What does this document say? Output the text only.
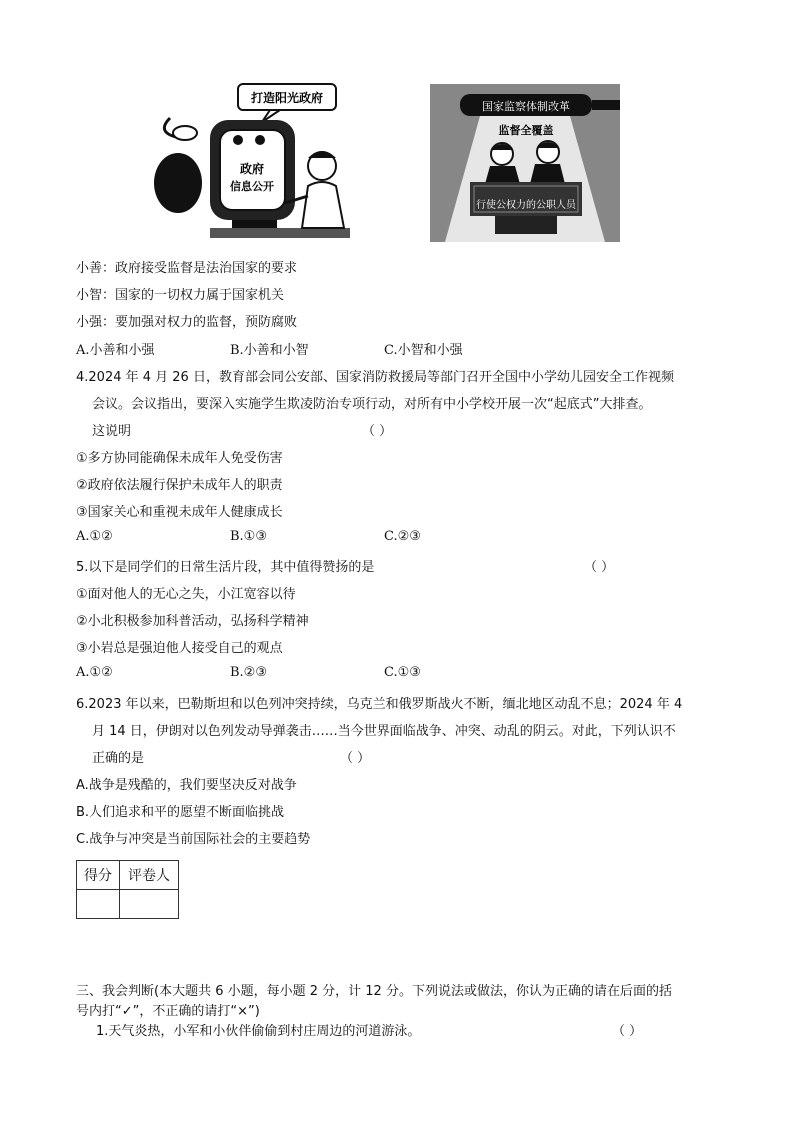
打造阳光政府
政府
信息公开
国家监察体制改革
监督全覆盖
行使公权力的公职人员
小善：政府接受监督是法治国家的要求
小智：国家的一切权力属于国家机关
小强：要加强对权力的监督，预防腐败
A.小善和小强	B.小善和小智	C.小智和小强
4.2024 年 4 月 26 日，教育部会同公安部、国家消防救援局等部门召开全国中小学幼儿园安全工作视频
会议。会议指出，要深入实施学生欺凌防治专项行动，对所有中小学校开展一次“起底式”大排查。
这说明	（ ）
①多方协同能确保未成年人免受伤害
②政府依法履行保护未成年人的职责
③国家关心和重视未成年人健康成长
A.①②	B.①③	C.②③
5.以下是同学们的日常生活片段，其中值得赞扬的是	（ ）
①面对他人的无心之失，小江宽容以待
②小北积极参加科普活动，弘扬科学精神
③小岩总是强迫他人接受自己的观点
A.①②	B.②③	C.①③
6.2023 年以来，巴勒斯坦和以色列冲突持续，乌克兰和俄罗斯战火不断，缅北地区动乱不息；2024 年 4
月 14 日，伊朗对以色列发动导弹袭击……当今世界面临战争、冲突、动乱的阴云。对此，下列认识不
正确的是	（ ）
A.战争是残酷的，我们要坚决反对战争
B.人们追求和平的愿望不断面临挑战
C.战争与冲突是当前国际社会的主要趋势
得分	评卷人

三、我会判断(本大题共 6 小题，每小题 2 分，计 12 分。下列说法或做法，你认为正确的请在后面的括
号内打“✓”，不正确的请打“×”)
1.天气炎热，小军和小伙伴偷偷到村庄周边的河道游泳。	（ ）
